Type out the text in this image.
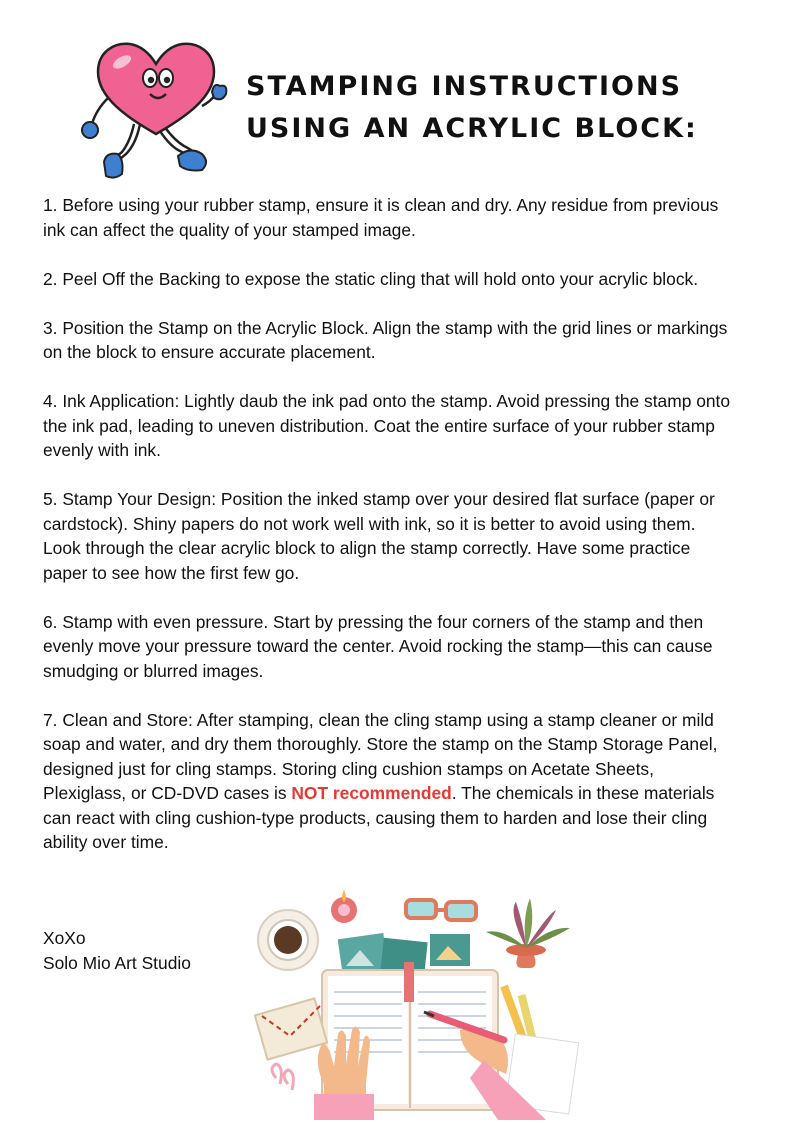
STAMPING INSTRUCTIONS
USING AN ACRYLIC BLOCK:

1. Before using your rubber stamp, ensure it is clean and dry. Any residue from previous ink can affect the quality of your stamped image.

2. Peel Off the Backing to expose the static cling that will hold onto your acrylic block.

3. Position the Stamp on the Acrylic Block. Align the stamp with the grid lines or markings on the block to ensure accurate placement.

4. Ink Application: Lightly daub the ink pad onto the stamp. Avoid pressing the stamp onto the ink pad, leading to uneven distribution. Coat the entire surface of your rubber stamp evenly with ink.

5. Stamp Your Design: Position the inked stamp over your desired flat surface (paper or cardstock). Shiny papers do not work well with ink, so it is better to avoid using them. Look through the clear acrylic block to align the stamp correctly. Have some practice paper to see how the first few go.

6. Stamp with even pressure. Start by pressing the four corners of the stamp and then evenly move your pressure toward the center. Avoid rocking the stamp—this can cause smudging or blurred images.

7. Clean and Store: After stamping, clean the cling stamp using a stamp cleaner or mild soap and water, and dry them thoroughly. Store the stamp on the Stamp Storage Panel, designed just for cling stamps. Storing cling cushion stamps on Acetate Sheets, Plexiglass, or CD-DVD cases is NOT recommended. The chemicals in these materials can react with cling cushion-type products, causing them to harden and lose their cling ability over time.

XoXo
Solo Mio Art Studio
